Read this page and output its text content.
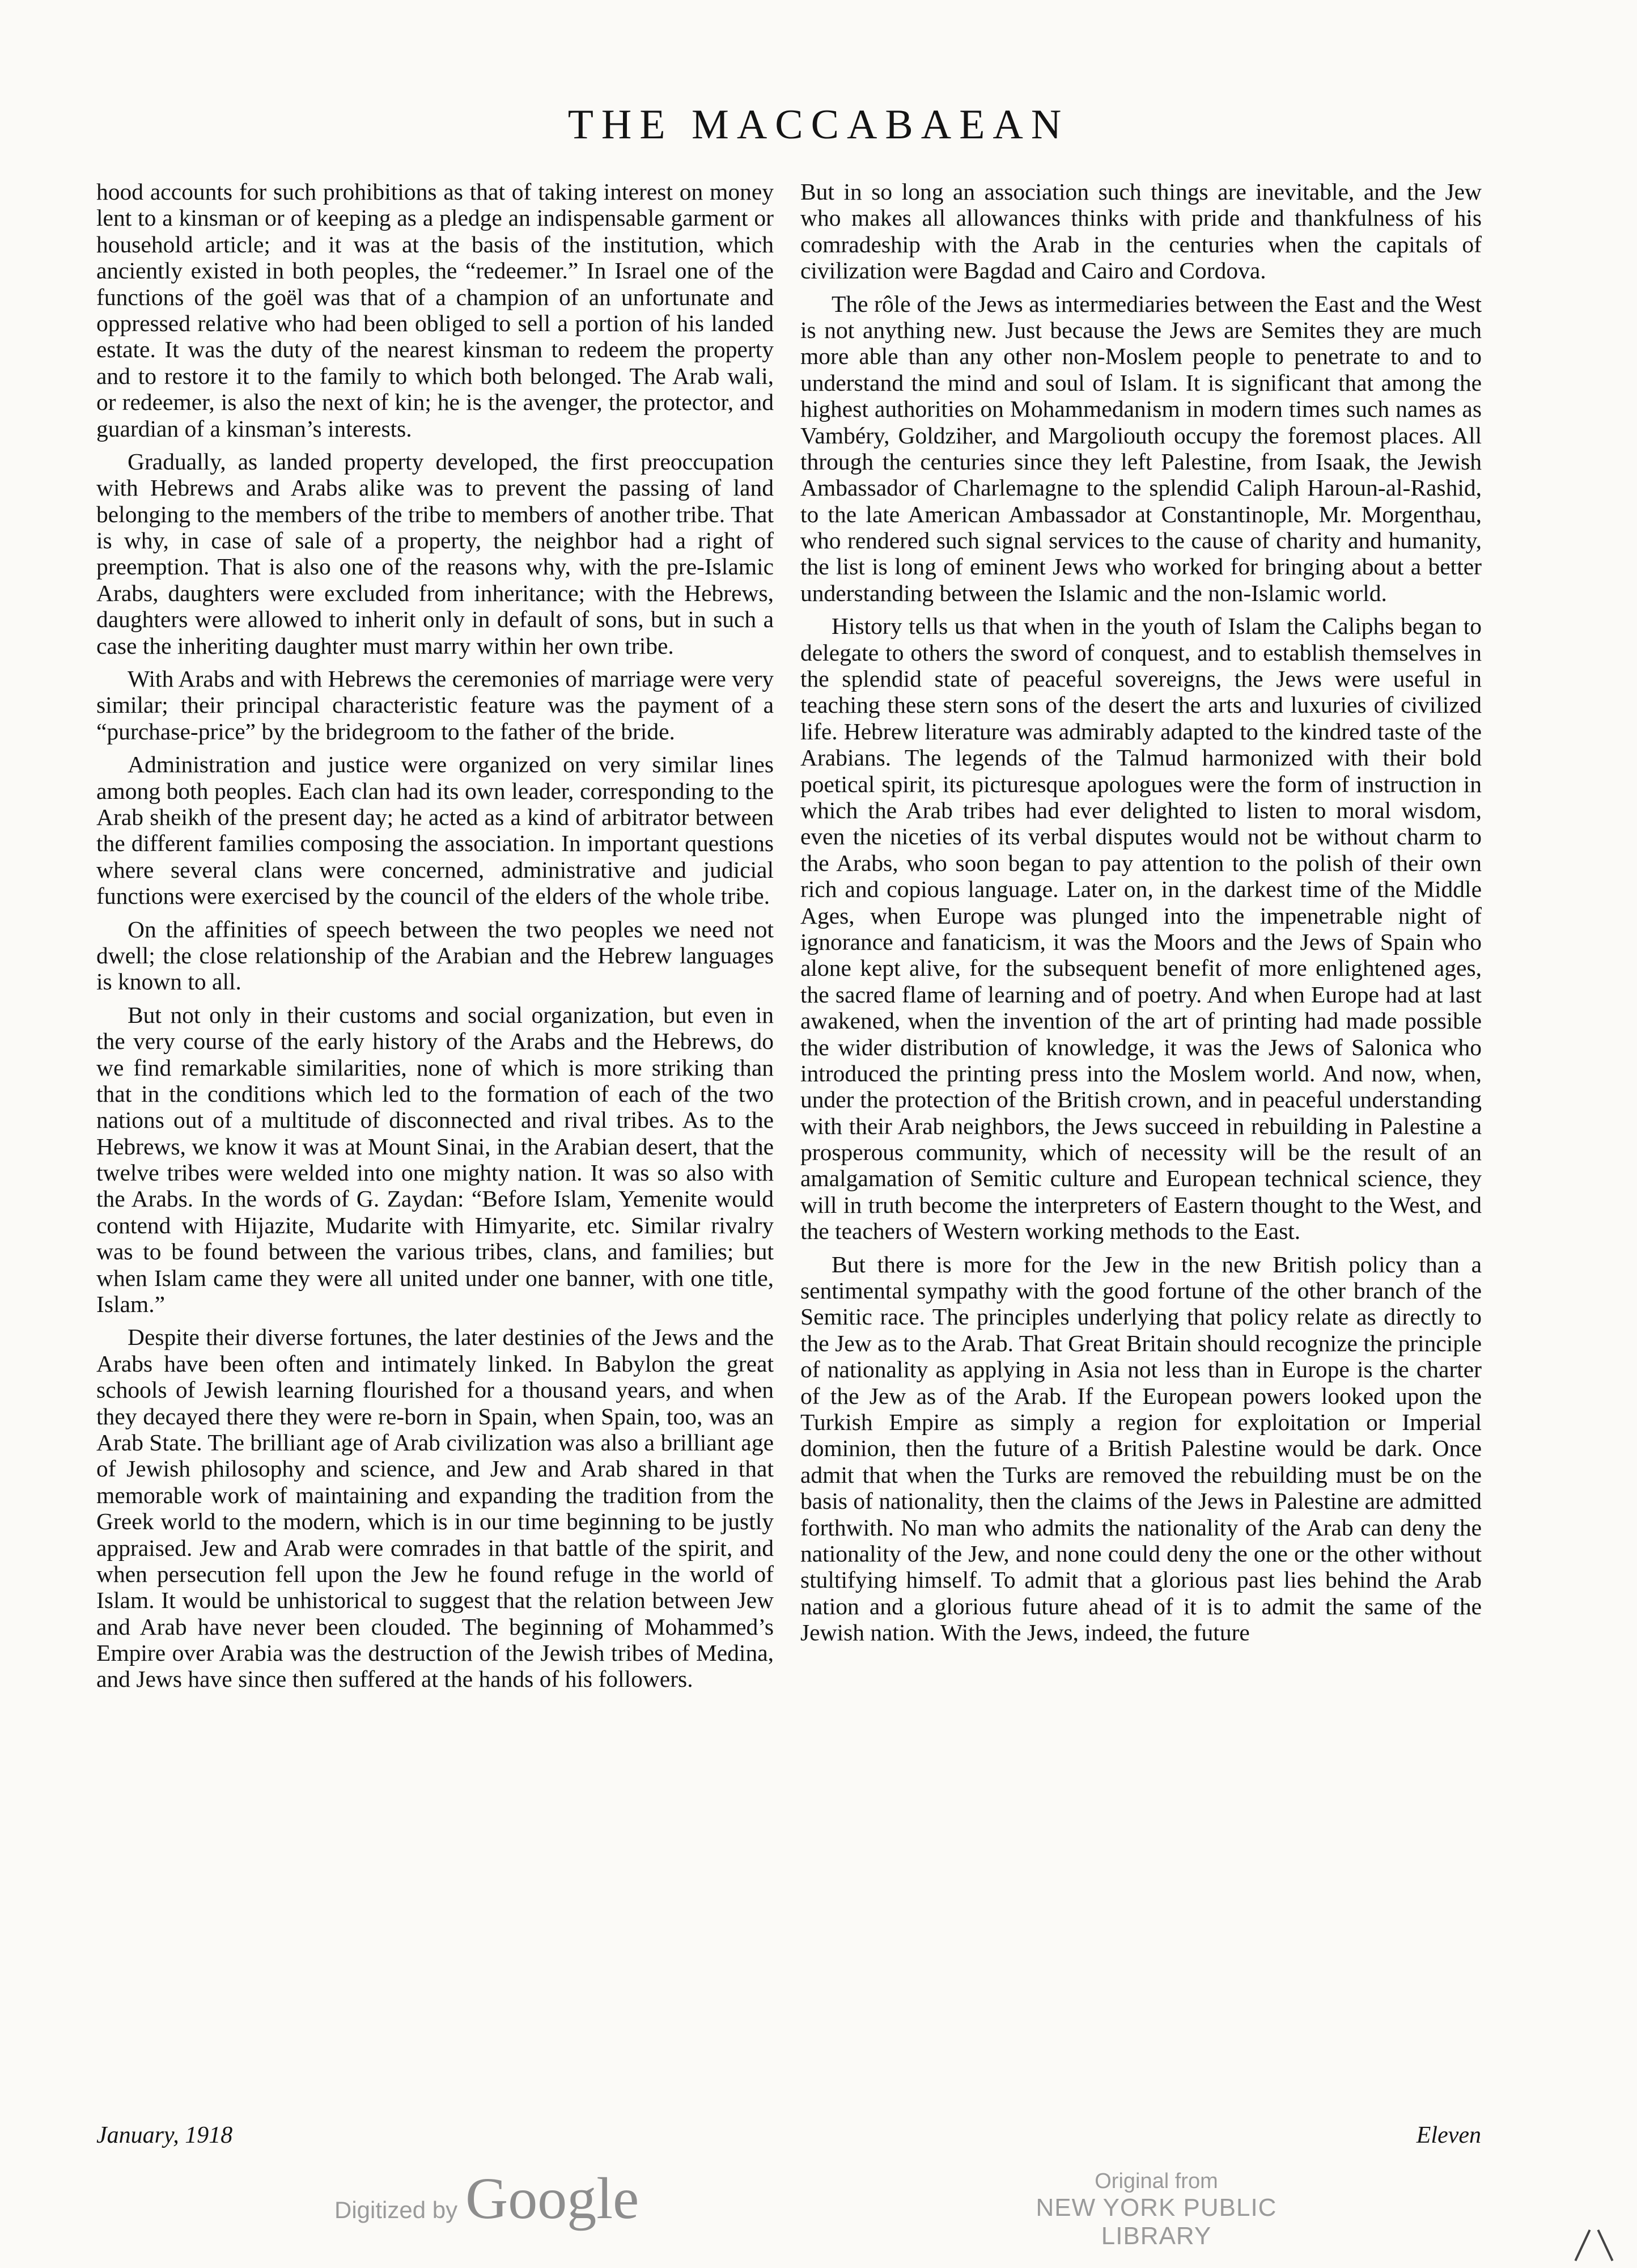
THE MACCABAEAN

hood accounts for such prohibitions as that of taking interest on money lent to a kinsman or of keeping as a pledge an indispensable garment or household article; and it was at the basis of the institution, which anciently existed in both peoples, the “redeemer.” In Israel one of the functions of the goël was that of a champion of an unfortunate and oppressed relative who had been obliged to sell a portion of his landed estate. It was the duty of the nearest kinsman to redeem the property and to restore it to the family to which both belonged. The Arab wali, or redeemer, is also the next of kin; he is the avenger, the protector, and guardian of a kinsman’s interests.

Gradually, as landed property developed, the first preoccupation with Hebrews and Arabs alike was to prevent the passing of land belonging to the members of the tribe to members of another tribe. That is why, in case of sale of a property, the neighbor had a right of preemption. That is also one of the reasons why, with the pre-Islamic Arabs, daughters were excluded from inheritance; with the Hebrews, daughters were allowed to inherit only in default of sons, but in such a case the inheriting daughter must marry within her own tribe.

With Arabs and with Hebrews the ceremonies of marriage were very similar; their principal characteristic feature was the payment of a “purchase-price” by the bridegroom to the father of the bride.

Administration and justice were organized on very similar lines among both peoples. Each clan had its own leader, corresponding to the Arab sheikh of the present day; he acted as a kind of arbitrator between the different families composing the association. In important questions where several clans were concerned, administrative and judicial functions were exercised by the council of the elders of the whole tribe.

On the affinities of speech between the two peoples we need not dwell; the close relationship of the Arabian and the Hebrew languages is known to all.

But not only in their customs and social organization, but even in the very course of the early history of the Arabs and the Hebrews, do we find remarkable similarities, none of which is more striking than that in the conditions which led to the formation of each of the two nations out of a multitude of disconnected and rival tribes. As to the Hebrews, we know it was at Mount Sinai, in the Arabian desert, that the twelve tribes were welded into one mighty nation. It was so also with the Arabs. In the words of G. Zaydan: “Before Islam, Yemenite would contend with Hijazite, Mudarite with Himyarite, etc. Similar rivalry was to be found between the various tribes, clans, and families; but when Islam came they were all united under one banner, with one title, Islam.”

Despite their diverse fortunes, the later destinies of the Jews and the Arabs have been often and intimately linked. In Babylon the great schools of Jewish learning flourished for a thousand years, and when they decayed there they were re-born in Spain, when Spain, too, was an Arab State. The brilliant age of Arab civilization was also a brilliant age of Jewish philosophy and science, and Jew and Arab shared in that memorable work of maintaining and expanding the tradition from the Greek world to the modern, which is in our time beginning to be justly appraised. Jew and Arab were comrades in that battle of the spirit, and when persecution fell upon the Jew he found refuge in the world of Islam. It would be unhistorical to suggest that the relation between Jew and Arab have never been clouded. The beginning of Mohammed’s Empire over Arabia was the destruction of the Jewish tribes of Medina, and Jews have since then suffered at the hands of his followers.

But in so long an association such things are inevitable, and the Jew who makes all allowances thinks with pride and thankfulness of his comradeship with the Arab in the centuries when the capitals of civilization were Bagdad and Cairo and Cordova.

The rôle of the Jews as intermediaries between the East and the West is not anything new. Just because the Jews are Semites they are much more able than any other non-Moslem people to penetrate to and to understand the mind and soul of Islam. It is significant that among the highest authorities on Mohammedanism in modern times such names as Vambéry, Goldziher, and Margoliouth occupy the foremost places. All through the centuries since they left Palestine, from Isaak, the Jewish Ambassador of Charlemagne to the splendid Caliph Haroun-al-Rashid, to the late American Ambassador at Constantinople, Mr. Morgenthau, who rendered such signal services to the cause of charity and humanity, the list is long of eminent Jews who worked for bringing about a better understanding between the Islamic and the non-Islamic world.

History tells us that when in the youth of Islam the Caliphs began to delegate to others the sword of conquest, and to establish themselves in the splendid state of peaceful sovereigns, the Jews were useful in teaching these stern sons of the desert the arts and luxuries of civilized life. Hebrew literature was admirably adapted to the kindred taste of the Arabians. The legends of the Talmud harmonized with their bold poetical spirit, its picturesque apologues were the form of instruction in which the Arab tribes had ever delighted to listen to moral wisdom, even the niceties of its verbal disputes would not be without charm to the Arabs, who soon began to pay attention to the polish of their own rich and copious language. Later on, in the darkest time of the Middle Ages, when Europe was plunged into the impenetrable night of ignorance and fanaticism, it was the Moors and the Jews of Spain who alone kept alive, for the subsequent benefit of more enlightened ages, the sacred flame of learning and of poetry. And when Europe had at last awakened, when the invention of the art of printing had made possible the wider distribution of knowledge, it was the Jews of Salonica who introduced the printing press into the Moslem world. And now, when, under the protection of the British crown, and in peaceful understanding with their Arab neighbors, the Jews succeed in rebuilding in Palestine a prosperous community, which of necessity will be the result of an amalgamation of Semitic culture and European technical science, they will in truth become the interpreters of Eastern thought to the West, and the teachers of Western working methods to the East.

But there is more for the Jew in the new British policy than a sentimental sympathy with the good fortune of the other branch of the Semitic race. The principles underlying that policy relate as directly to the Jew as to the Arab. That Great Britain should recognize the principle of nationality as applying in Asia not less than in Europe is the charter of the Jew as of the Arab. If the European powers looked upon the Turkish Empire as simply a region for exploitation or Imperial dominion, then the future of a British Palestine would be dark. Once admit that when the Turks are removed the rebuilding must be on the basis of nationality, then the claims of the Jews in Palestine are admitted forthwith. No man who admits the nationality of the Arab can deny the nationality of the Jew, and none could deny the one or the other without stultifying himself. To admit that a glorious past lies behind the Arab nation and a glorious future ahead of it is to admit the same of the Jewish nation. With the Jews, indeed, the future

January, 1918	Eleven
Digitized by Google	Original from
NEW YORK PUBLIC LIBRARY
